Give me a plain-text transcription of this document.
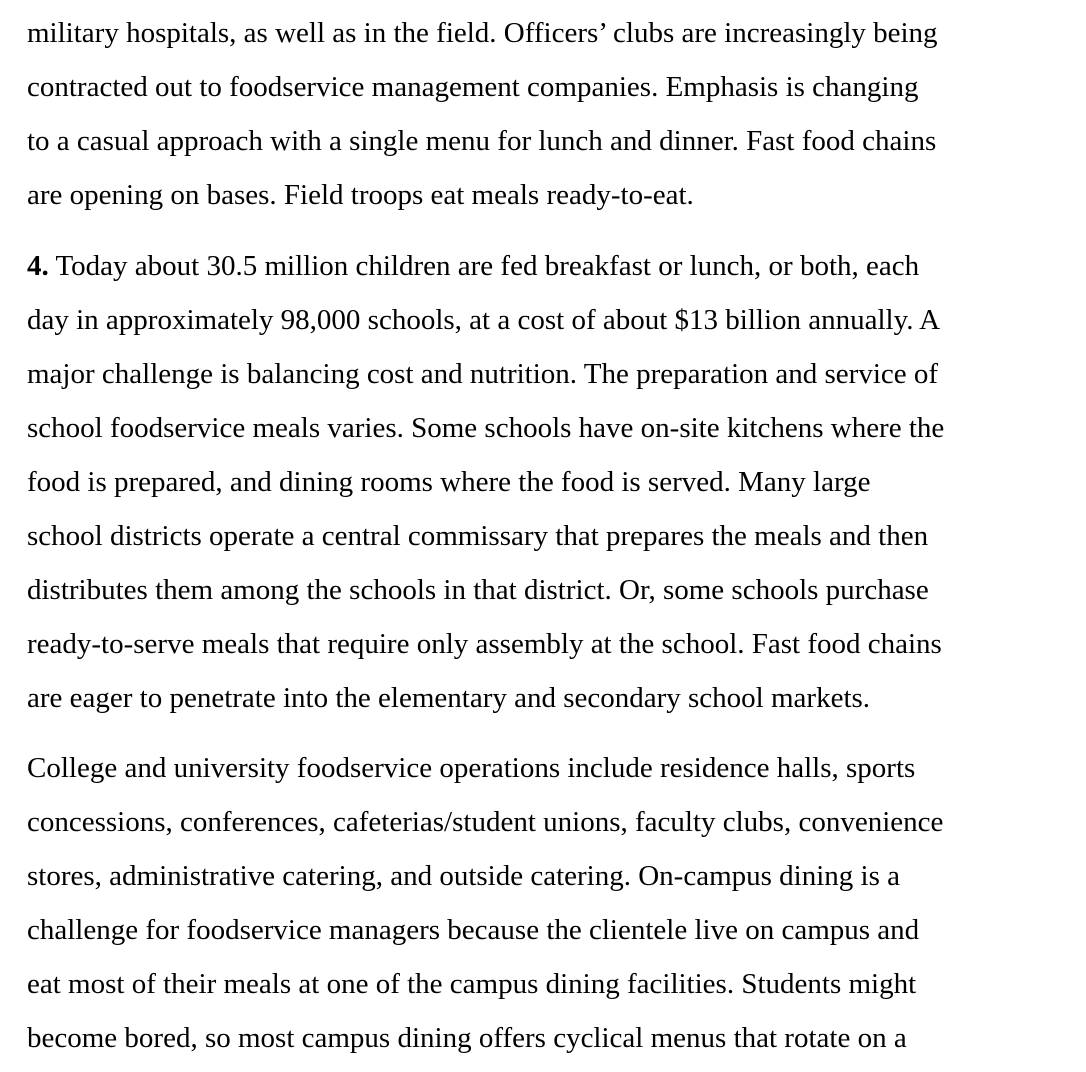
military hospitals, as well as in the field. Officers’ clubs are increasingly being
contracted out to foodservice management companies. Emphasis is changing
to a casual approach with a single menu for lunch and dinner. Fast food chains
are opening on bases. Field troops eat meals ready-to-eat.
4. Today about 30.5 million children are fed breakfast or lunch, or both, each
day in approximately 98,000 schools, at a cost of about $13 billion annually. A
major challenge is balancing cost and nutrition. The preparation and service of
school foodservice meals varies. Some schools have on-site kitchens where the
food is prepared, and dining rooms where the food is served. Many large
school districts operate a central commissary that prepares the meals and then
distributes them among the schools in that district. Or, some schools purchase
ready-to-serve meals that require only assembly at the school. Fast food chains
are eager to penetrate into the elementary and secondary school markets.
College and university foodservice operations include residence halls, sports
concessions, conferences, cafeterias/student unions, faculty clubs, convenience
stores, administrative catering, and outside catering. On-campus dining is a
challenge for foodservice managers because the clientele live on campus and
eat most of their meals at one of the campus dining facilities. Students might
become bored, so most campus dining offers cyclical menus that rotate on a
